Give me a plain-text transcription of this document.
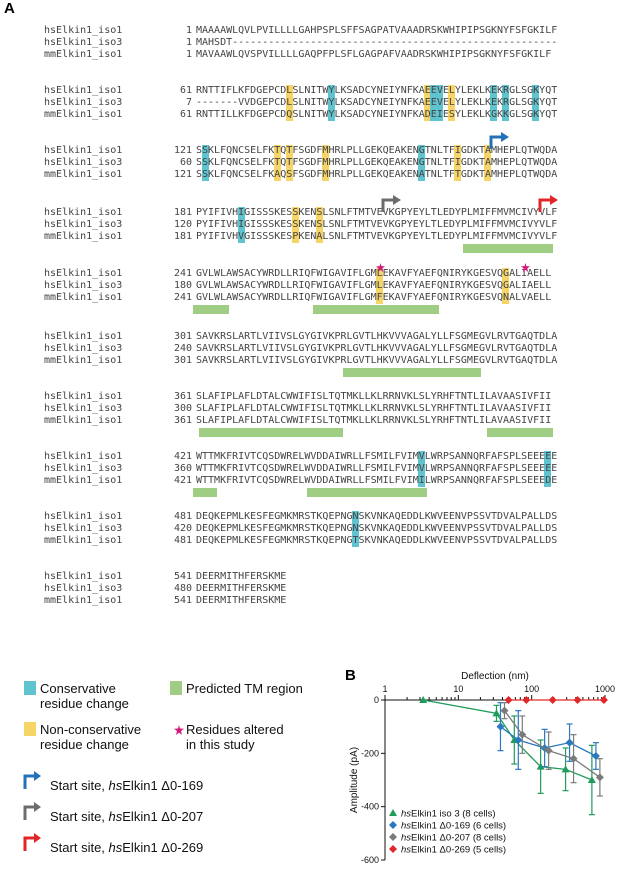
hsElkin1_iso1	1 MAAAAWLQVLPVILLLLGAHPSPLSFFSAGPATVAAADRSKWHIPIPSGKNYFSFGKILF
hsElkin1_iso3	1 MAHSDT------------------------------------------------------
mmElkin1_iso1	1 MAVAAWLQVSPVILLLLGAQPFPLSFLGAGPAFVAADRSKWHIPIPSGKNYFSFGKILF
hsElkin1_iso1	61 RNTTIFLKFDGEPCDLSLNITWYLKSADCYNEIYNFKAEEVELYLEKLKEKRGLSGKYQT
hsElkin1_iso3	7 -------VVDGEPCDLSLNITWYLKSADCYNEIYNFKAEEVELYLEKLKEKRGLSGKYQT
mmElkin1_iso1	61 RNTTILLKFDGEPCDQSLNITWYLKSADCYNEIYNFKADEIESYLEKLKGKKGLSGKYQT
hsElkin1_iso1	121 SSKLFQNCSELFKTQTFSGDFMHRLPLLGEKQEAKENGTNLTFIGDKTAMHEPLQTWQDA
hsElkin1_iso3	60 SSKLFQNCSELFKTQTFSGDFMHRLPLLGEKQEAKENGTNLTFIGDKTAMHEPLQTWQDA
mmElkin1_iso1	121 SSKLFQNCSELFKAQSFSGDFMHRLPLLGEKQEAKENATNLTFTGDKTAMHEPLQTWQDA
hsElkin1_iso1	181 PYIFIVHIGISSSKESSKENSLSNLFTMTVEVKGPYEYLTLEDYPLMIFFMVMCIVYVLF
hsElkin1_iso3	120 PYIFIVHIGISSSKESSKENSLSNLFTMTVEVKGPYEYLTLEDYPLMIFFMVMCIVYVLF
mmElkin1_iso1	181 PYIFIVHVGISSSKESPKENALSNLFTMTVEVKGPYEYLTLEDYPLMIFFMVMCIVYVLF
hsElkin1_iso1	241 GVLWLAWSACYWRDLLRIQFWIGAVIFLGMLEKAVFYAEFQNIRYKGESVQGALIAELL
hsElkin1_iso3	180 GVLWLAWSACYWRDLLRIQFWIGAVIFLGMLEKAVFYAEFQNIRYKGESVQGALIAELL
mmElkin1_iso1	241 GVLWLAWSACYWRDLLRIQFWIGAVIFLGMFEKAVFYAEFQNIRYKGESVQNALVAELL
hsElkin1_iso1	301 SAVKRSLARTLVIIVSLGYGIVKPRLGVTLHKVVVAGALYLLFSGMEGVLRVTGAQTDLA
hsElkin1_iso3	240 SAVKRSLARTLVIIVSLGYGIVKPRLGVTLHKVVVAGALYLLFSGMEGVLRVTGAQTDLA
mmElkin1_iso1	301 SAVKRSLARTLVIIVSLGYGIVKPRLGVTLHKVVVAGALYLLFSGMEGVLRVTGAQTDLA
hsElkin1_iso1	361 SLAFIPLAFLDTALCWWIFISLTQTMKLLKLRRNVKLSLYRHFTNTLILAVAASIVFII
hsElkin1_iso3	300 SLAFIPLAFLDTALCWWIFISLTQTMKLLKLRRNVKLSLYRHFTNTLILAVAASIVFII
mmElkin1_iso1	361 SLAFIPLAFLDTALCWWIFISLTQTMKLLKLRRNVKLSLYRHFTNTLILAVAASIVFII
hsElkin1_iso1	421 WTTMKFRIVTCQSDWRELWVDDAIWRLLFSMILFVIMVLWRPSANNQRFAFSPLSEEEEE
hsElkin1_iso3	360 WTTMKFRIVTCQSDWRELWVDDAIWRLLFSMILFVIMVLWRPSANNQRFAFSPLSEEEEE
mmElkin1_iso1	421 WTTMKFRIVTCQSDWRELWVDDAIWRLLFSMILFVIMILWRPSANNQRFAFSPLSEEEDE
hsElkin1_iso1	481 DEQKEPMLKESFEGMKMRSTKQEPNGNSKVNKAQEDDLKWVEENVPSSVTDVALPALLDS
hsElkin1_iso3	420 DEQKEPMLKESFEGMKMRSTKQEPNGNSKVNKAQEDDLKWVEENVPSSVTDVALPALLDS
mmElkin1_iso1	481 DEQKEPMLKESFEGMKMRSTKQEPNGTSKVNKAQEDDLKWVEENVPSSVTDVALPALLDS
hsElkin1_iso1	541 DEERMITHFERSKME
hsElkin1_iso3	480 DEERMITHFERSKME
mmElkin1_iso1	541 DEERMITHFERSKME
A
Conservative
residue change
Predicted TM region
Non-conservative
residue change
Residues altered
in this study
Start site, hsElkin1 Δ0-169
Start site, hsElkin1 Δ0-207
Start site, hsElkin1 Δ0-269
B
1	10	100	1000
0
-200
-400
-600
Deflection (nm)
Amplitude (pA)
hsElkin1 iso 3 (8 cells)
hsElkin1 Δ0-169 (6 cells)
hsElkin1 Δ0-207 (8 cells)
hsElkin1 Δ0-269 (5 cells)
